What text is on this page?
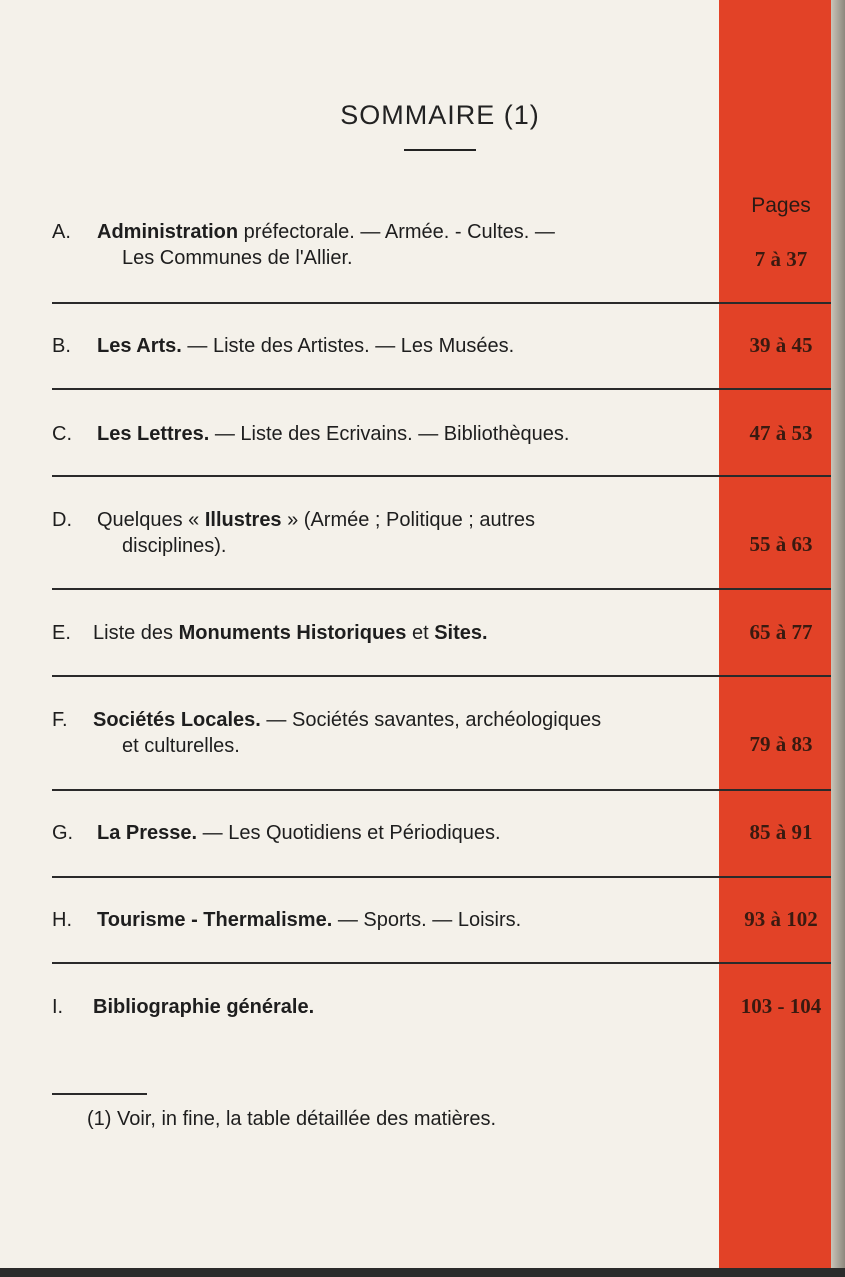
SOMMAIRE (1)
Pages
A. Administration préfectorale. — Armée. - Cultes. —
Les Communes de l'Allier.	7 à 37
B. Les Arts. — Liste des Artistes. — Les Musées.	39 à 45
C. Les Lettres. — Liste des Ecrivains. — Bibliothèques.	47 à 53
D. Quelques « Illustres » (Armée ; Politique ; autres
disciplines).	55 à 63
E. Liste des Monuments Historiques et Sites.	65 à 77
F. Sociétés Locales. — Sociétés savantes, archéologiques
et culturelles.	79 à 83
G. La Presse. — Les Quotidiens et Périodiques.	85 à 91
H. Tourisme - Thermalisme. — Sports. — Loisirs.	93 à 102
I. Bibliographie générale.	103 - 104
(1) Voir, in fine, la table détaillée des matières.
